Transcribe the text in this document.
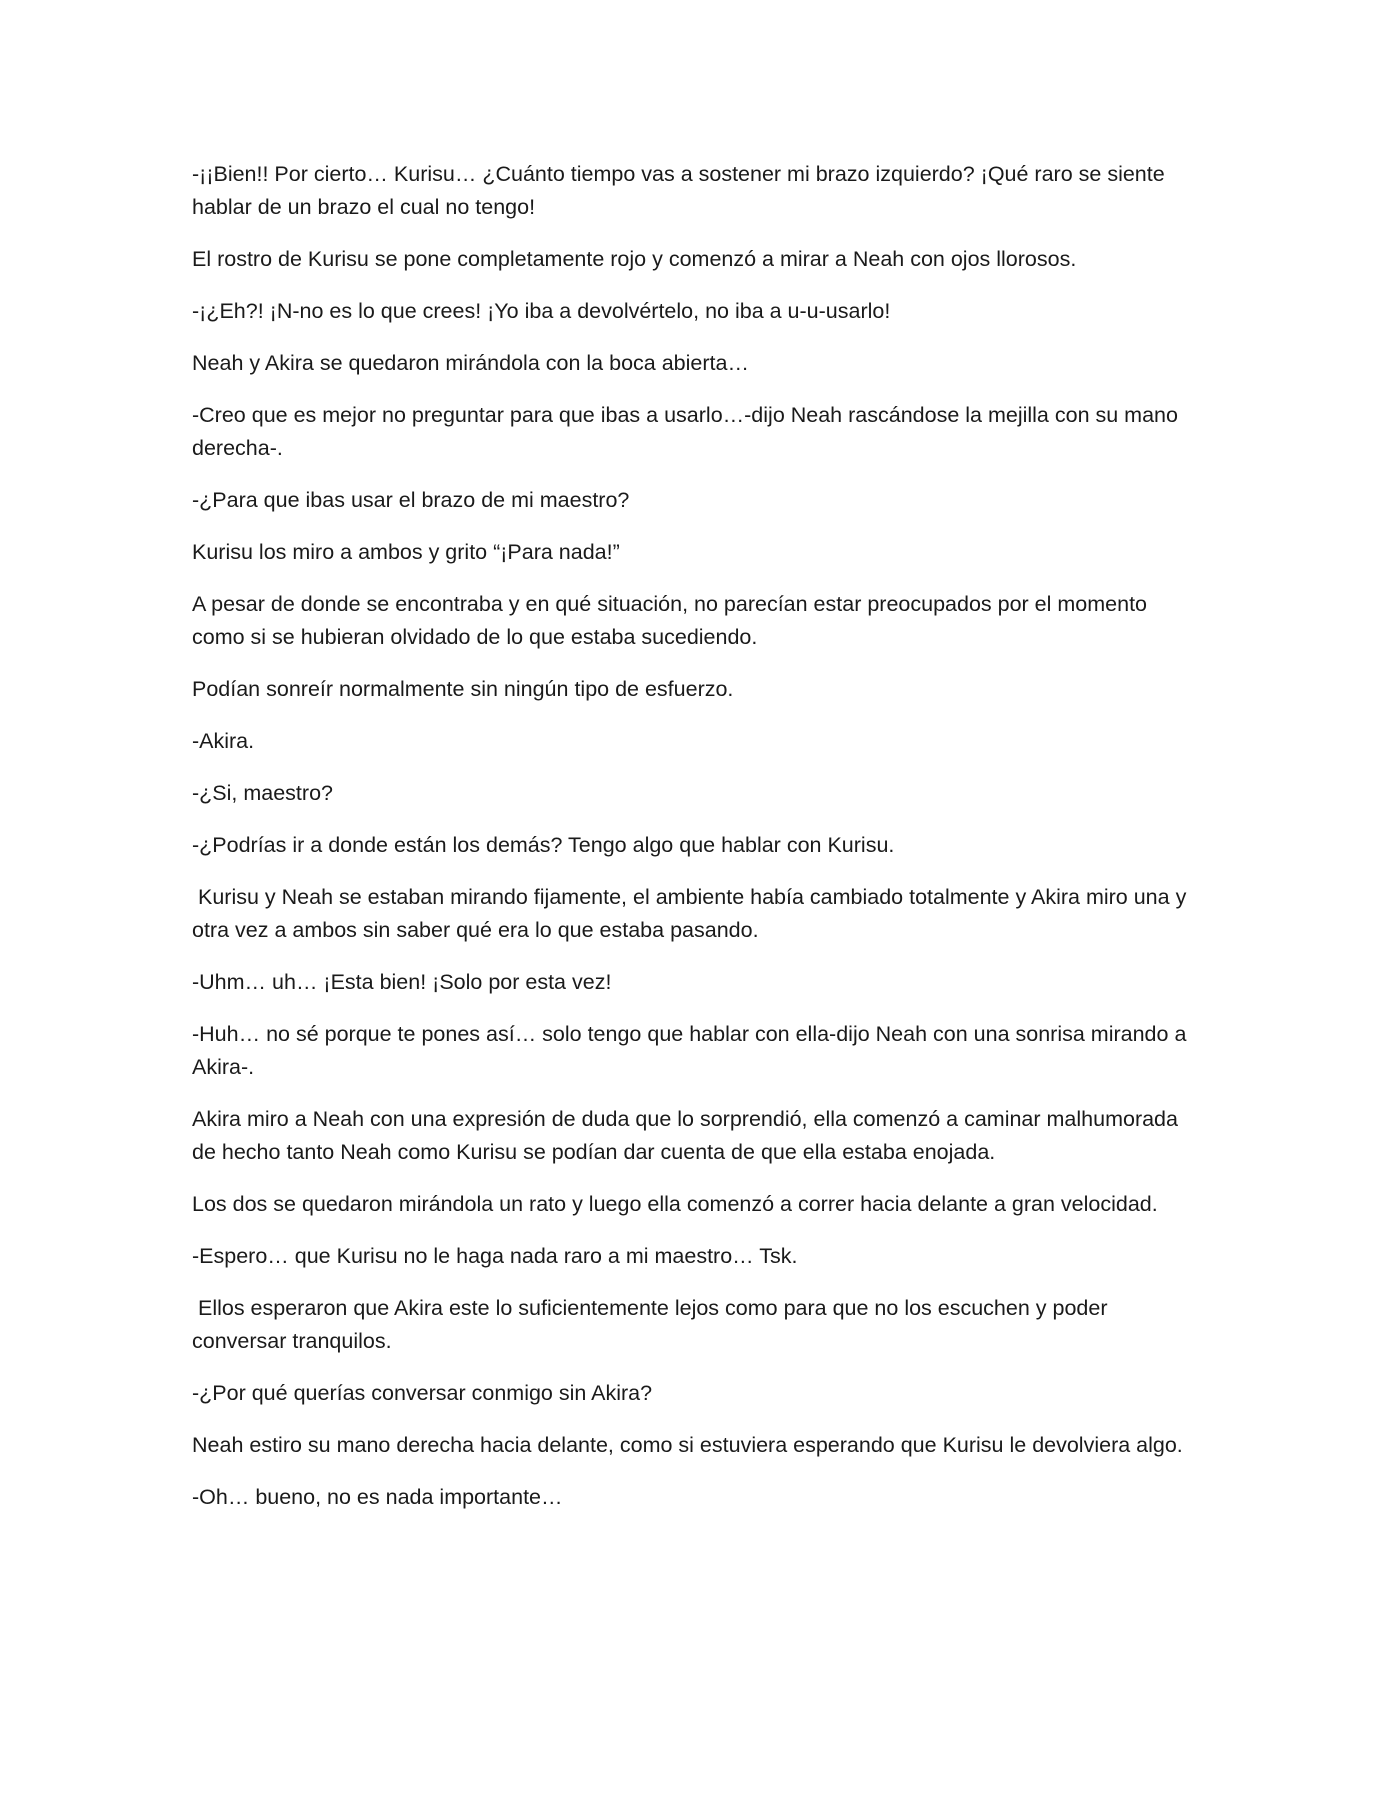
-¡¡Bien!! Por cierto… Kurisu… ¿Cuánto tiempo vas a sostener mi brazo izquierdo? ¡Qué raro se siente hablar de un brazo el cual no tengo!

El rostro de Kurisu se pone completamente rojo y comenzó a mirar a Neah con ojos llorosos.

-¡¿Eh?! ¡N-no es lo que crees! ¡Yo iba a devolvértelo, no iba a u-u-usarlo!

Neah y Akira se quedaron mirándola con la boca abierta…

-Creo que es mejor no preguntar para que ibas a usarlo…-dijo Neah rascándose la mejilla con su mano derecha-.

-¿Para que ibas usar el brazo de mi maestro?

Kurisu los miro a ambos y grito “¡Para nada!”

A pesar de donde se encontraba y en qué situación, no parecían estar preocupados por el momento como si se hubieran olvidado de lo que estaba sucediendo.

Podían sonreír normalmente sin ningún tipo de esfuerzo.

-Akira.

-¿Si, maestro?

-¿Podrías ir a donde están los demás? Tengo algo que hablar con Kurisu.

Kurisu y Neah se estaban mirando fijamente, el ambiente había cambiado totalmente y Akira miro una y otra vez a ambos sin saber qué era lo que estaba pasando.

-Uhm… uh… ¡Esta bien! ¡Solo por esta vez!

-Huh… no sé porque te pones así… solo tengo que hablar con ella-dijo Neah con una sonrisa mirando a Akira-.

Akira miro a Neah con una expresión de duda que lo sorprendió, ella comenzó a caminar malhumorada de hecho tanto Neah como Kurisu se podían dar cuenta de que ella estaba enojada.

Los dos se quedaron mirándola un rato y luego ella comenzó a correr hacia delante a gran velocidad.

-Espero… que Kurisu no le haga nada raro a mi maestro… Tsk.

Ellos esperaron que Akira este lo suficientemente lejos como para que no los escuchen y poder conversar tranquilos.

-¿Por qué querías conversar conmigo sin Akira?

Neah estiro su mano derecha hacia delante, como si estuviera esperando que Kurisu le devolviera algo.

-Oh… bueno, no es nada importante…
